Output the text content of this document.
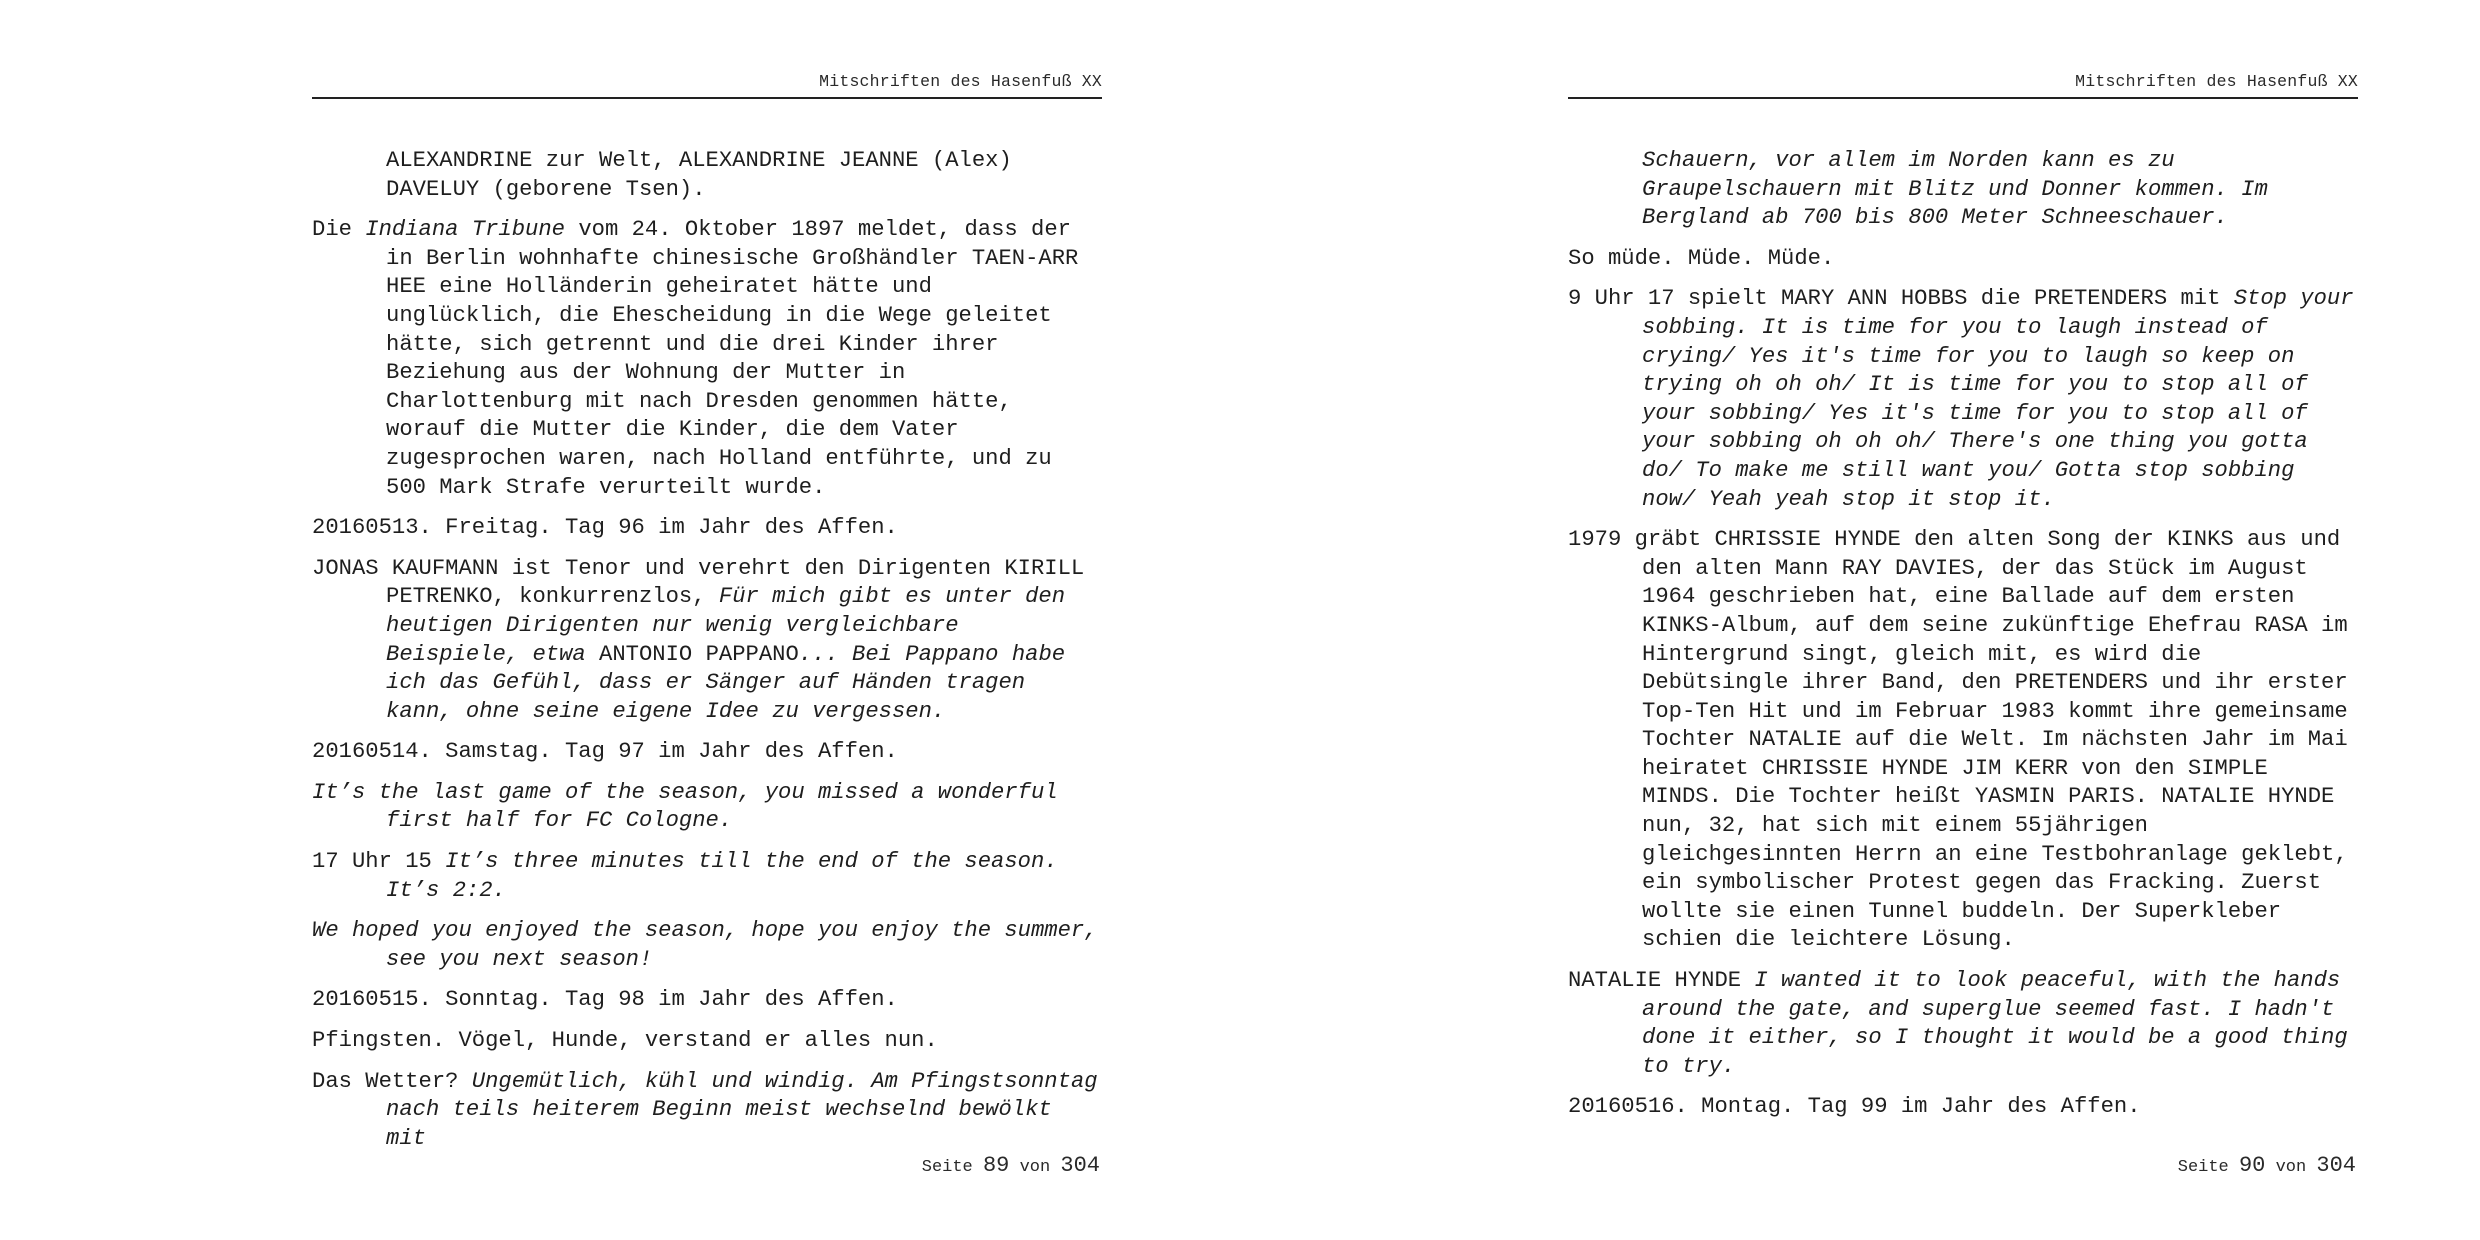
Mitschriften des Hasenfuß XX

ALEXANDRINE zur Welt, ALEXANDRINE JEANNE (Alex) DAVELUY (geborene Tsen).

Die Indiana Tribune vom 24. Oktober 1897 meldet, dass der in Berlin wohnhafte chinesische Großhändler TAEN-ARR HEE eine Holländerin geheiratet hätte und unglücklich, die Ehescheidung in die Wege geleitet hätte, sich getrennt und die drei Kinder ihrer Beziehung aus der Wohnung der Mutter in Charlottenburg mit nach Dresden genommen hätte, worauf die Mutter die Kinder, die dem Vater zugesprochen waren, nach Holland entführte, und zu 500 Mark Strafe verurteilt wurde.

20160513. Freitag. Tag 96 im Jahr des Affen.

JONAS KAUFMANN ist Tenor und verehrt den Dirigenten KIRILL PETRENKO, konkurrenzlos, Für mich gibt es unter den heutigen Dirigenten nur wenig vergleichbare Beispiele, etwa ANTONIO PAPPANO... Bei Pappano habe ich das Gefühl, dass er Sänger auf Händen tragen kann, ohne seine eigene Idee zu vergessen.

20160514. Samstag. Tag 97 im Jahr des Affen.

It’s the last game of the season, you missed a wonderful first half for FC Cologne.

17 Uhr 15 It’s three minutes till the end of the season. It’s 2:2.

We hoped you enjoyed the season, hope you enjoy the summer, see you next season!

20160515. Sonntag. Tag 98 im Jahr des Affen.

Pfingsten. Vögel, Hunde, verstand er alles nun.

Das Wetter? Ungemütlich, kühl und windig. Am Pfingstsonntag nach teils heiterem Beginn meist wechselnd bewölkt mit

Seite 89 von 304
Mitschriften des Hasenfuß XX

Schauern, vor allem im Norden kann es zu Graupelschauern mit Blitz und Donner kommen. Im Bergland ab 700 bis 800 Meter Schneeschauer.

So müde. Müde. Müde.

9 Uhr 17 spielt MARY ANN HOBBS die PRETENDERS mit Stop your sobbing. It is time for you to laugh instead of crying/ Yes it's time for you to laugh so keep on trying oh oh oh/ It is time for you to stop all of your sobbing/ Yes it's time for you to stop all of your sobbing oh oh oh/ There's one thing you gotta do/ To make me still want you/ Gotta stop sobbing now/ Yeah yeah stop it stop it.

1979 gräbt CHRISSIE HYNDE den alten Song der KINKS aus und den alten Mann RAY DAVIES, der das Stück im August 1964 geschrieben hat, eine Ballade auf dem ersten KINKS-Album, auf dem seine zukünftige Ehefrau RASA im Hintergrund singt, gleich mit, es wird die Debütsingle ihrer Band, den PRETENDERS und ihr erster Top-Ten Hit und im Februar 1983 kommt ihre gemeinsame Tochter NATALIE auf die Welt. Im nächsten Jahr im Mai heiratet CHRISSIE HYNDE JIM KERR von den SIMPLE MINDS. Die Tochter heißt YASMIN PARIS. NATALIE HYNDE nun, 32, hat sich mit einem 55jährigen gleichgesinnten Herrn an eine Testbohranlage geklebt, ein symbolischer Protest gegen das Fracking. Zuerst wollte sie einen Tunnel buddeln. Der Superkleber schien die leichtere Lösung.

NATALIE HYNDE I wanted it to look peaceful, with the hands around the gate, and superglue seemed fast. I hadn't done it either, so I thought it would be a good thing to try.

20160516. Montag. Tag 99 im Jahr des Affen.

Seite 90 von 304
